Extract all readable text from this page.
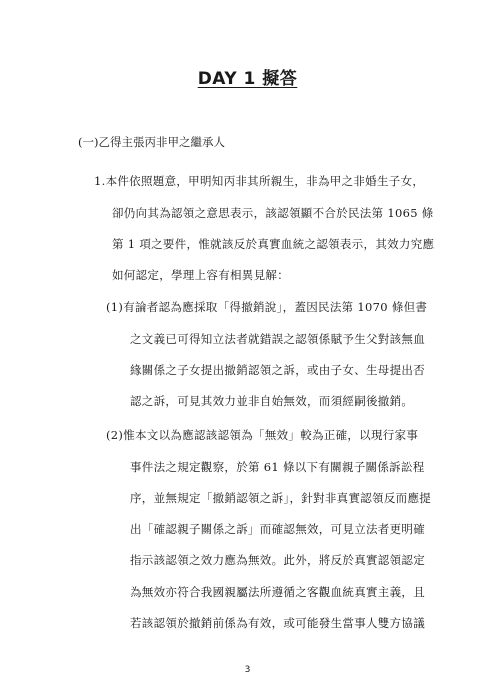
DAY 1 擬答
(一)乙得主張丙非甲之繼承人
1.本件依照題意，甲明知丙非其所親生，非為甲之非婚生子女，
卻仍向其為認領之意思表示，該認領顯不合於民法第 1065 條
第 1 項之要件，惟就該反於真實血統之認領表示，其效力究應
如何認定，學理上容有相異見解：
(1)有論者認為應採取「得撤銷說」，蓋因民法第 1070 條但書
之文義已可得知立法者就錯誤之認領係賦予生父對該無血
緣關係之子女提出撤銷認領之訴，或由子女、生母提出否
認之訴，可見其效力並非自始無效，而須經嗣後撤銷。
(2)惟本文以為應認該認領為「無效」較為正確，以現行家事
事件法之規定觀察，於第 61 條以下有關親子關係訴訟程
序，並無規定「撤銷認領之訴」，針對非真實認領反而應提
出「確認親子關係之訴」而確認無效，可見立法者更明確
指示該認領之效力應為無效。此外，將反於真實認領認定
為無效亦符合我國親屬法所遵循之客觀血統真實主義，且
若該認領於撤銷前係為有效，或可能發生當事人雙方協議
3
